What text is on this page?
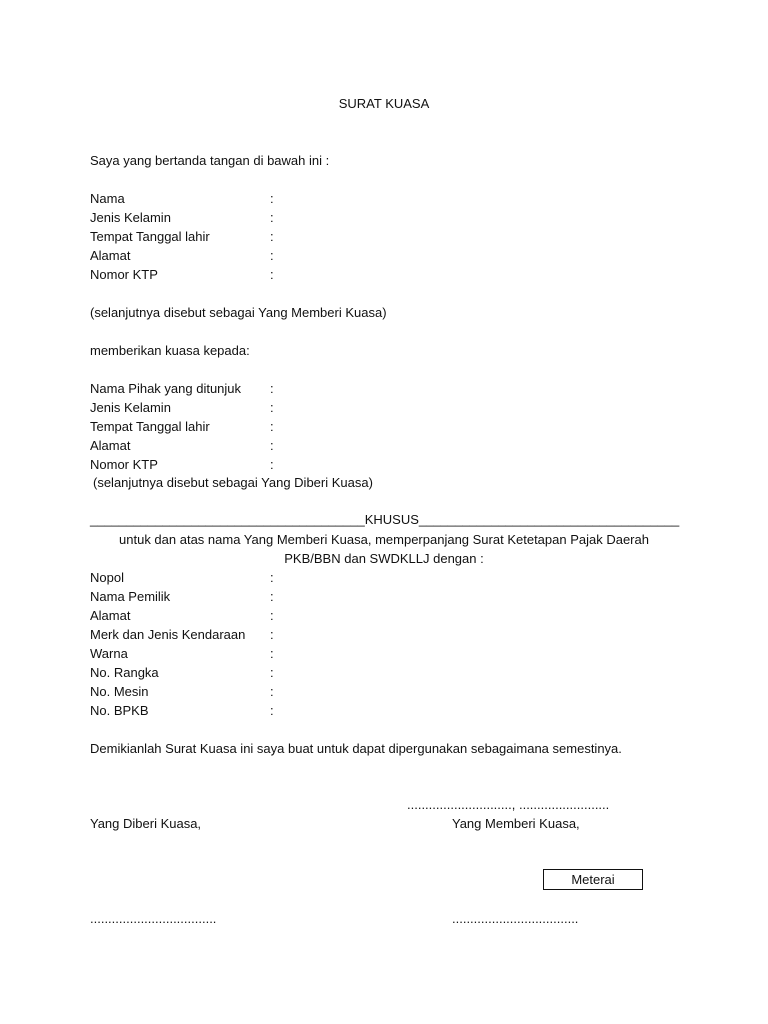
SURAT KUASA
Saya yang bertanda tangan di bawah ini :
Nama
Jenis Kelamin
Tempat Tanggal lahir
Alamat
Nomor KTP
:
:
:
:
:
(selanjutnya disebut sebagai Yang Memberi Kuasa)
memberikan kuasa kepada:
Nama Pihak yang ditunjuk
Jenis Kelamin
Tempat Tanggal lahir
Alamat
Nomor KTP
:
:
:
:
:
(selanjutnya disebut sebagai Yang Diberi Kuasa)
______________________________________KHUSUS____________________________________
untuk dan atas nama Yang Memberi Kuasa, memperpanjang Surat Ketetapan Pajak Daerah
PKB/BBN dan SWDKLLJ dengan :
Nopol
Nama Pemilik
Alamat
Merk dan Jenis Kendaraan
Warna
No. Rangka
No. Mesin
No. BPKB
:
:
:
:
:
:
:
:
Demikianlah Surat Kuasa ini saya buat untuk dapat dipergunakan sebagaimana semestinya.
............................., .........................
Yang Diberi Kuasa,	Yang Memberi Kuasa,
Meterai
...................................	...................................
